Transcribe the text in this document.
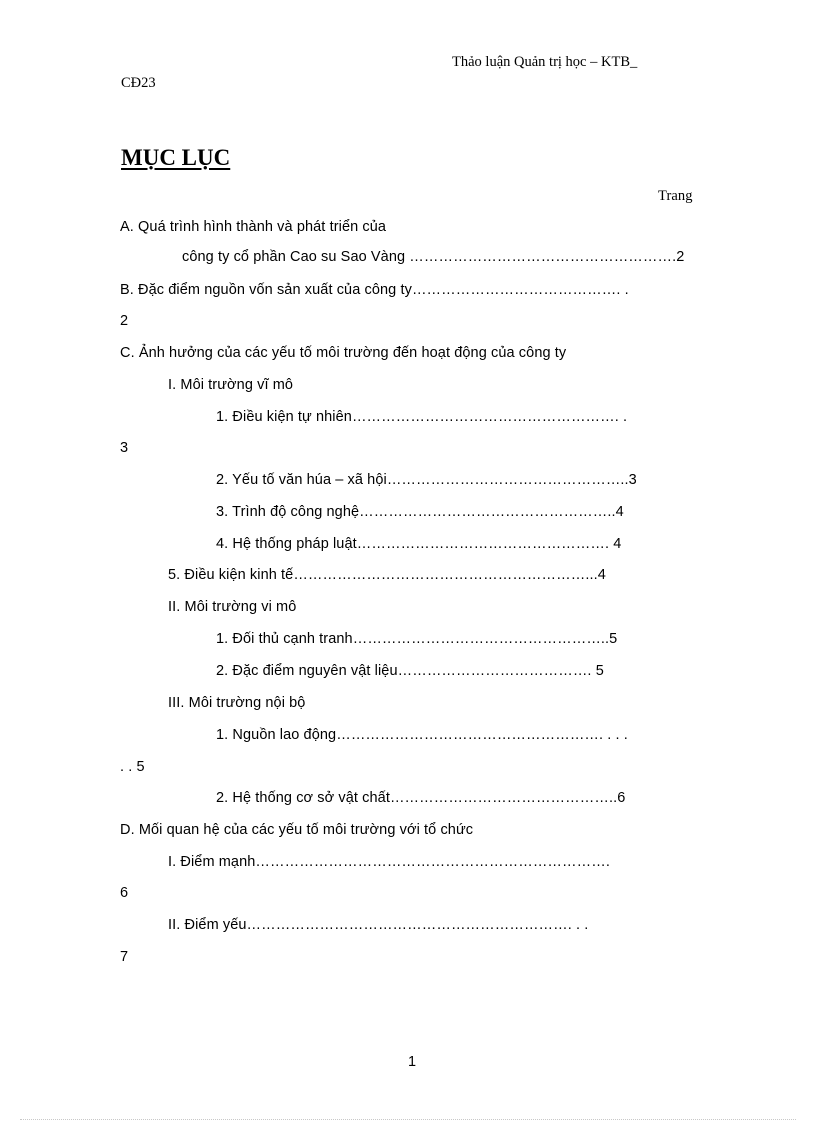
Thảo luận Quản trị học – KTB_
CĐ23
MỤC LỤC
Trang
A. Quá trình hình thành và phát triển của
công ty cổ phần Cao su Sao Vàng ……………………………………………….2
B. Đặc điểm nguồn vốn sản xuất của công ty……………………………………. .
2
C. Ảnh hưởng của các yếu tố môi trường đến hoạt động của công ty
I. Môi trường vĩ mô
1. Điều kiện tự nhiên………………………………………………. .
3
2. Yếu tố văn húa – xã hội…………………………………………..3
3. Trình độ công nghệ……………………………………………..4
4. Hệ thống pháp luật……………………………………………. 4
5. Điều kiện kinh tế……………………………………………………...4
II. Môi trường vi mô
1. Đối thủ cạnh tranh……………………………………………..5
2. Đặc điểm nguyên vật liệu…………………………………. 5
III. Môi trường nội bộ
1. Nguồn lao động………………………………………………. . . .
. . 5
2. Hệ thống cơ sở vật chất………………………………………..6
D. Mối quan hệ của các yếu tố môi trường với tổ chức
I. Điểm mạnh……………………………………………………………….
6
II. Điểm yếu…………………………………………………………. . .
7
1
